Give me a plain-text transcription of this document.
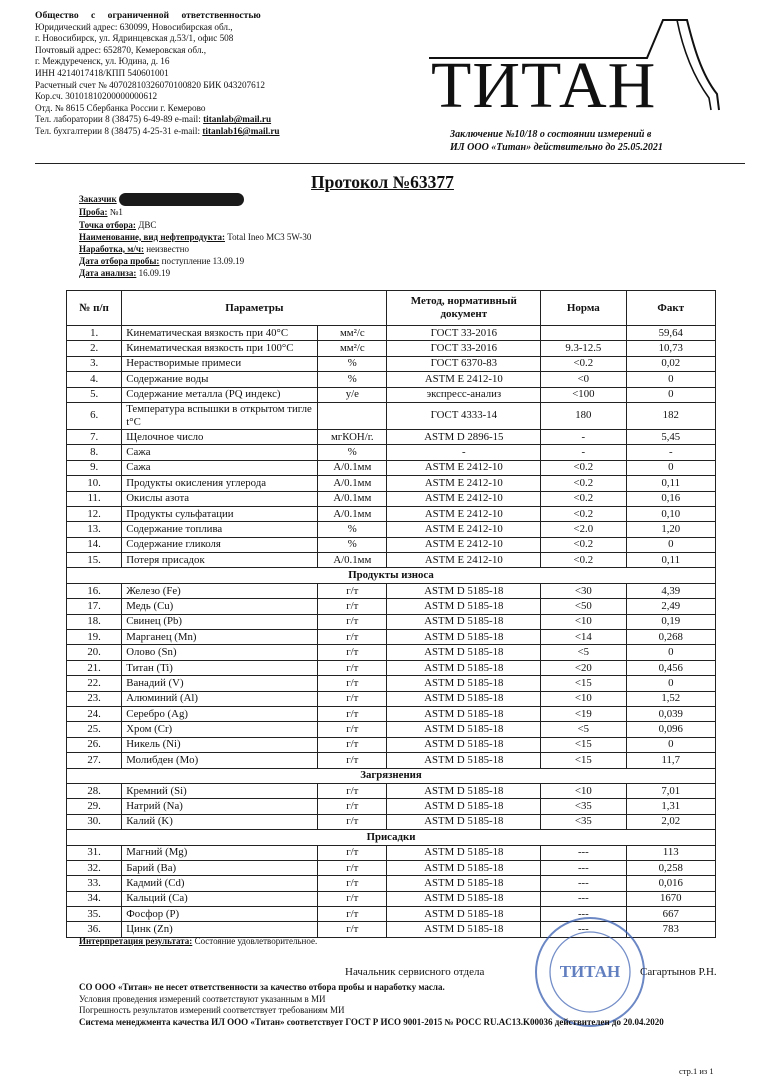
Общество с ограниченной ответственностью
Юридический адрес: 630099, Новосибирская обл.,
г. Новосибирск, ул. Ядринцевская д.53/1, офис 508
Почтовый адрес: 652870, Кемеровская обл.,
г. Междуреченск, ул. Юдина, д. 16
ИНН 4214017418/КПП 540601001
Расчетный счет № 40702810326070100820 БИК 043207612
Кор.сч. 30101810200000000612
Отд. № 8615 Сбербанка России г. Кемерово
Тел. лаборатории 8 (38475) 6-49-89 e-mail: titanlab@mail.ru
Тел. бухгалтерии 8 (38475) 4-25-31 e-mail: titanlab16@mail.ru
ТИТАН
Заключение №10/18 о состоянии измерений в
ИЛ ООО «Титан» действительно до 25.05.2021
Протокол №63377
Заказчик
Проба: №1
Точка отбора: ДВС
Наименование, вид нефтепродукта: Total Ineo MC3 5W-30
Наработка, м/ч: неизвестно
Дата отбора пробы: поступление 13.09.19
Дата анализа: 16.09.19
№ п/п	Параметры		Метод, нормативный документ	Норма	Факт
1.	Кинематическая вязкость при 40°С	мм²/с	ГОСТ 33-2016		59,64
2.	Кинематическая вязкость при 100°С	мм²/с	ГОСТ 33-2016	9.3-12.5	10,73
3.	Нерастворимые примеси	%	ГОСТ 6370-83	<0.2	0,02
4.	Содержание воды	%	ASTM E 2412-10	<0	0
5.	Содержание металла (PQ индекс)	у/е	экспресс-анализ	<100	0
6.	Температура вспышки в открытом тигле t°С		ГОСТ 4333-14	180	182
7.	Щелочное число	мгКОН/г.	ASTM D 2896-15	-	5,45
8.	Сажа	%	-	-	-
9.	Сажа	А/0.1мм	ASTM E 2412-10	<0.2	0
10.	Продукты окисления углерода	А/0.1мм	ASTM E 2412-10	<0.2	0,11
11.	Окислы азота	А/0.1мм	ASTM E 2412-10	<0.2	0,16
12.	Продукты сульфатации	А/0.1мм	ASTM E 2412-10	<0.2	0,10
13.	Содержание топлива	%	ASTM E 2412-10	<2.0	1,20
14.	Содержание гликоля	%	ASTM E 2412-10	<0.2	0
15.	Потеря присадок	А/0.1мм	ASTM E 2412-10	<0.2	0,11
Продукты износа					
16.	Железо (Fe)	г/т	ASTM D 5185-18	<30	4,39
17.	Медь (Cu)	г/т	ASTM D 5185-18	<50	2,49
18.	Свинец (Pb)	г/т	ASTM D 5185-18	<10	0,19
19.	Марганец (Mn)	г/т	ASTM D 5185-18	<14	0,268
20.	Олово (Sn)	г/т	ASTM D 5185-18	<5	0
21.	Титан (Ti)	г/т	ASTM D 5185-18	<20	0,456
22.	Ванадий (V)	г/т	ASTM D 5185-18	<15	0
23.	Алюминий (Al)	г/т	ASTM D 5185-18	<10	1,52
24.	Серебро (Ag)	г/т	ASTM D 5185-18	<19	0,039
25.	Хром (Cr)	г/т	ASTM D 5185-18	<5	0,096
26.	Никель (Ni)	г/т	ASTM D 5185-18	<15	0
27.	Молибден (Mo)	г/т	ASTM D 5185-18	<15	11,7
Загрязнения					
28.	Кремний (Si)	г/т	ASTM D 5185-18	<10	7,01
29.	Натрий (Na)	г/т	ASTM D 5185-18	<35	1,31
30.	Калий (K)	г/т	ASTM D 5185-18	<35	2,02
Присадки					
31.	Магний (Mg)	г/т	ASTM D 5185-18	---	113
32.	Барий (Ba)	г/т	ASTM D 5185-18	---	0,258
33.	Кадмий (Cd)	г/т	ASTM D 5185-18	---	0,016
34.	Кальций (Ca)	г/т	ASTM D 5185-18	---	1670
35.	Фосфор (P)	г/т	ASTM D 5185-18	---	667
36.	Цинк (Zn)	г/т	ASTM D 5185-18	---	783
Интерпретация результата: Состояние удовлетворительное.
ТИТАН
Начальник сервисного отдела	Сагартынов Р.Н.
СО ООО «Титан» не несет ответственности за качество отбора пробы и наработку масла.
Условия проведения измерений соответствуют указанным в МИ
Погрешность результатов измерений соответствует требованиям МИ
Система менеджмента качества ИЛ ООО «Титан» соответствует ГОСТ Р ИСО 9001-2015 № РОСС RU.AC13.K00036 действителен до 20.04.2020
стр.1 из 1
